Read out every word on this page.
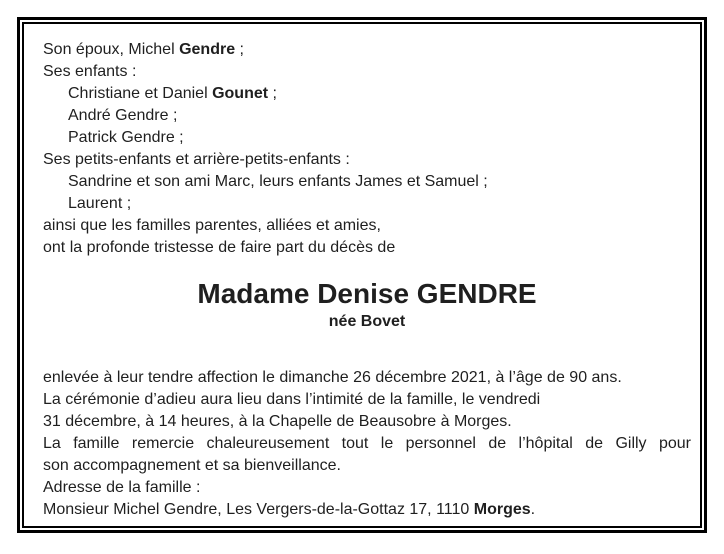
Son époux, Michel Gendre ;
Ses enfants :
Christiane et Daniel Gounet ;
André Gendre ;
Patrick Gendre ;
Ses petits-enfants et arrière-petits-enfants :
Sandrine et son ami Marc, leurs enfants James et Samuel ;
Laurent ;
ainsi que les familles parentes, alliées et amies,
ont la profonde tristesse de faire part du décès de
Madame Denise GENDRE
née Bovet
enlevée à leur tendre affection le dimanche 26 décembre 2021, à l’âge de 90 ans.
La cérémonie d’adieu aura lieu dans l’intimité de la famille, le vendredi
31 décembre, à 14 heures, à la Chapelle de Beausobre à Morges.
La famille remercie chaleureusement tout le personnel de l’hôpital de Gilly pour
son accompagnement et sa bienveillance.
Adresse de la famille :
Monsieur Michel Gendre, Les Vergers-de-la-Gottaz 17, 1110 Morges.
